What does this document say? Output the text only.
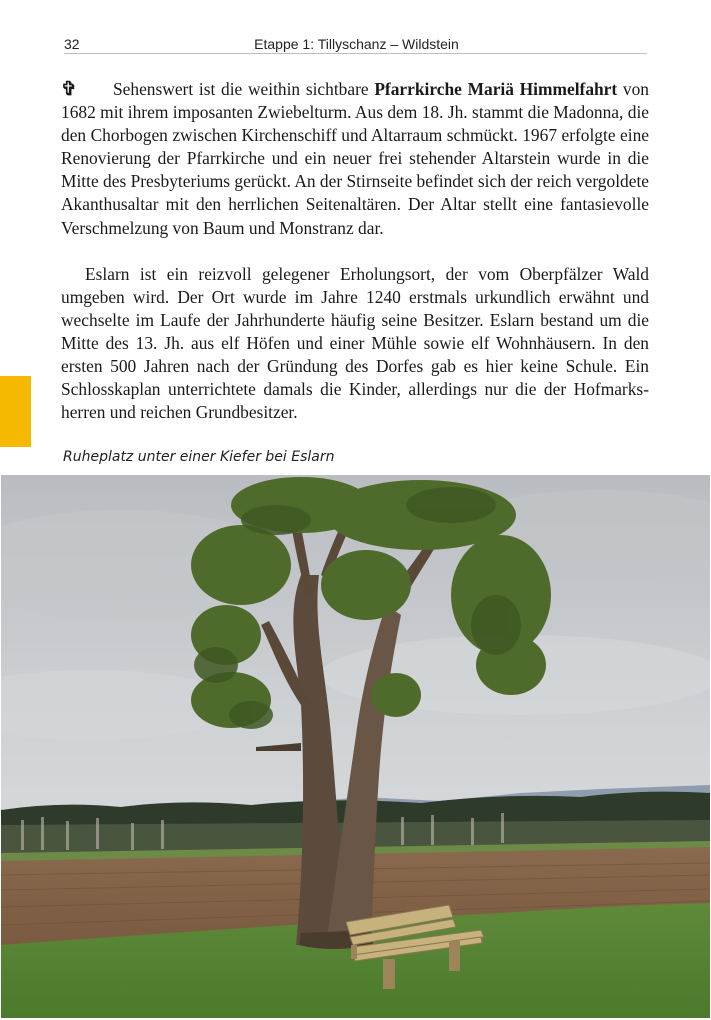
32	Etappe 1: Tillyschanz – Wildstein

✞ Sehenswert ist die weithin sichtbare Pfarrkirche Mariä Himmelfahrt von 1682 mit ihrem imposanten Zwiebelturm. Aus dem 18. Jh. stammt die Madonna, die den Chorbogen zwischen Kirchenschiff und Altarraum schmückt. 1967 erfolgte eine Renovierung der Pfarrkirche und ein neuer frei stehender Altarstein wurde in die Mitte des Presbyteriums gerückt. An der Stirnseite befindet sich der reich vergoldete Akanthusaltar mit den herrlichen Seitenaltären. Der Altar stellt eine fantasievolle Verschmelzung von Baum und Monstranz dar.

Eslarn ist ein reizvoll gelegener Erholungsort, der vom Oberpfälzer Wald umgeben wird. Der Ort wurde im Jahre 1240 erstmals urkundlich erwähnt und wechselte im Laufe der Jahrhunderte häufig seine Besitzer. Eslarn bestand um die Mitte des 13. Jh. aus elf Höfen und einer Mühle sowie elf Wohnhäusern. In den ersten 500 Jahren nach der Gründung des Dorfes gab es hier keine Schule. Ein Schlosskaplan unterrichtete damals die Kinder, allerdings nur die der Hofmarksherren und reichen Grundbesitzer.

Ruheplatz unter einer Kiefer bei Eslarn
